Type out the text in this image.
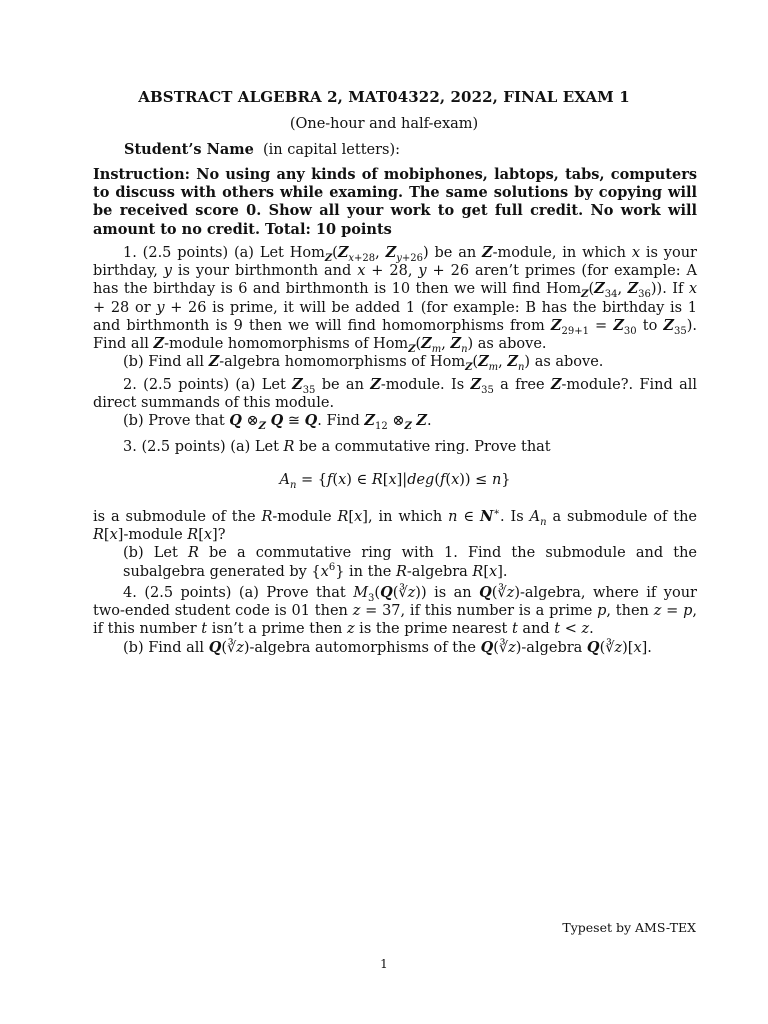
ABSTRACT ALGEBRA 2, MAT04322, 2022, FINAL EXAM 1
(One-hour and half-exam)
Student’s Name (in capital letters):
Instruction: No using any kinds of mobiphones, labtops, tabs, computers to discuss with others while examing. The same solutions by copying will be received score 0. Show all your work to get full credit. No work will amount to no credit. Total: 10 points
1. (2.5 points) (a) Let $Hom_Z(Z_{x+28}$, $Z_{y+26}$) be an Z-module, in which x is your birthday, y is your birthmonth and x + 28, y + 26 aren’t primes (for example: A has the birthday is 6 and birthmonth is 10 then we will find $Hom_Z(Z_{34}$, $Z_{36}$)). If x + 28 or y + 26 is prime, it will be added 1 (for example: B has the birthday is 1 and birthmonth is 9 then we will find homomorphisms from $Z_{29+1} = Z_{30}$ to $Z_{35}$). Find all Z-module homomorphisms of $Hom_Z(Z_m$, $Z_n$) as above.
(b) Find all Z-algebra homomorphisms of $Hom_Z(Z_m$, $Z_n$) as above.
2. (2.5 points) (a) Let $Z_{35}$ be an Z-module. Is $Z_{35}$ a free Z-module?. Find all direct summands of this module.
(b) Prove that Q $\otimes_Z$ Q ≅ Q. Find $Z_{12}$ $\otimes_Z$ Z.
3. (2.5 points) (a) Let R be a commutative ring. Prove that
$A_n = \{f(x)$ ∈ R[x]|deg(f(x)) ≤ n}
is a submodule of the R-module R[x], in which n ∈ N∗. Is $A_n$ a submodule of the R[x]-module R[x]?
(b) Let R be a commutative ring with 1. Find the submodule and the subalgebra generated by $\{x^6\}$ in the R-algebra R[x].
4. (2.5 points) (a) Prove that $M_3(Q(∛z))$ is an Q(∛z)-algebra, where if your two-ended student code is 01 then z = 37, if this number is a prime p, then z = p, if this number t isn’t a prime then z is the prime nearest t and t < z.
(b) Find all Q(∛z)-algebra automorphisms of the Q(∛z)-algebra Q(∛z)[x].
Typeset by AMS-TEX
1
